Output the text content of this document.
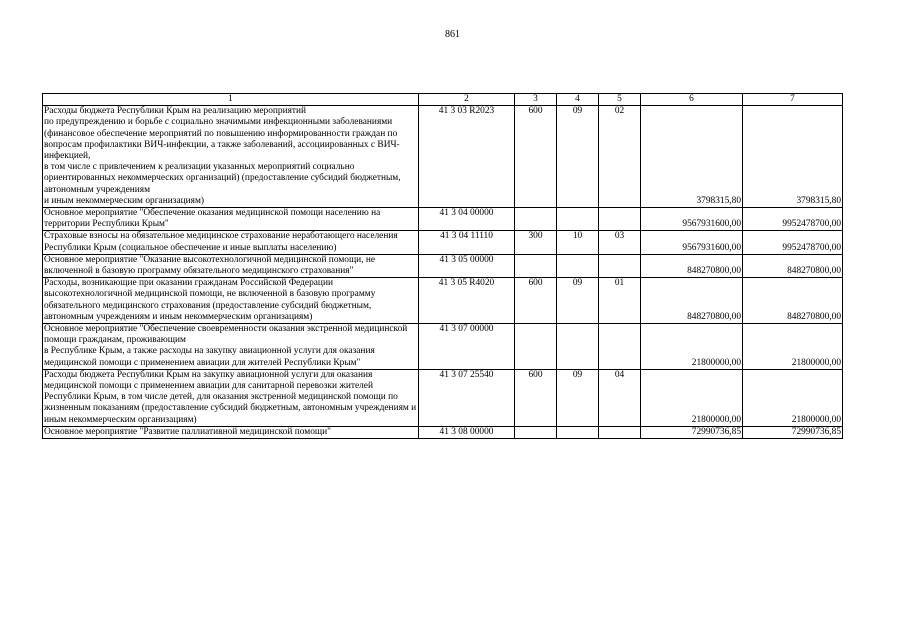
861
1	2	3	4	5	6	7
Расходы бюджета Республики Крым на реализацию мероприятий
по предупреждению и борьбе с социально значимыми инфекционными заболеваниями (финансовое обеспечение мероприятий по повышению информированности граждан по вопросам профилактики ВИЧ-инфекции, а также заболеваний, ассоциированных с ВИЧ-инфекцией,
в том числе с привлечением к реализации указанных мероприятий социально ориентированных некоммерческих организаций) (предоставление субсидий бюджетным, автономным учреждениям
и иным некоммерческим организациям)	41 3 03 R2023	600	09	02	3798315,80	3798315,80
Основное мероприятие "Обеспечение оказания медицинской помощи населению на территории Республики Крым"	41 3 04 00000				9567931600,00	9952478700,00
Страховые взносы на обязательное медицинское страхование неработающего населения Республики Крым (социальное обеспечение и иные выплаты населению)	41 3 04 11110	300	10	03	9567931600,00	9952478700,00
Основное мероприятие "Оказание высокотехнологичной медицинской помощи, не включенной в базовую программу обязательного медицинского страхования"	41 3 05 00000				848270800,00	848270800,00
Расходы, возникающие при оказании гражданам Российской Федерации высокотехнологичной медицинской помощи, не включенной в базовую программу обязательного медицинского страхования (предоставление субсидий бюджетным, автономным учреждениям и иным некоммерческим организациям)	41 3 05 R4020	600	09	01	848270800,00	848270800,00
Основное мероприятие "Обеспечение своевременности оказания экстренной медицинской помощи гражданам, проживающим
в Республике Крым, а также расходы на закупку авиационной услуги для оказания медицинской помощи с применением авиации для жителей Республики Крым"	41 3 07 00000				21800000,00	21800000,00
Расходы бюджета Республики Крым на закупку авиационной услуги для оказания медицинской помощи с применением авиации для санитарной перевозки жителей Республики Крым, в том числе детей, для оказания экстренной медицинской помощи по жизненным показаниям (предоставление субсидий бюджетным, автономным учреждениям и иным некоммерческим организациям)	41 3 07 25540	600	09	04	21800000,00	21800000,00
Основное мероприятие "Развитие паллиативной медицинской помощи"	41 3 08 00000				72990736,85	72990736,85
